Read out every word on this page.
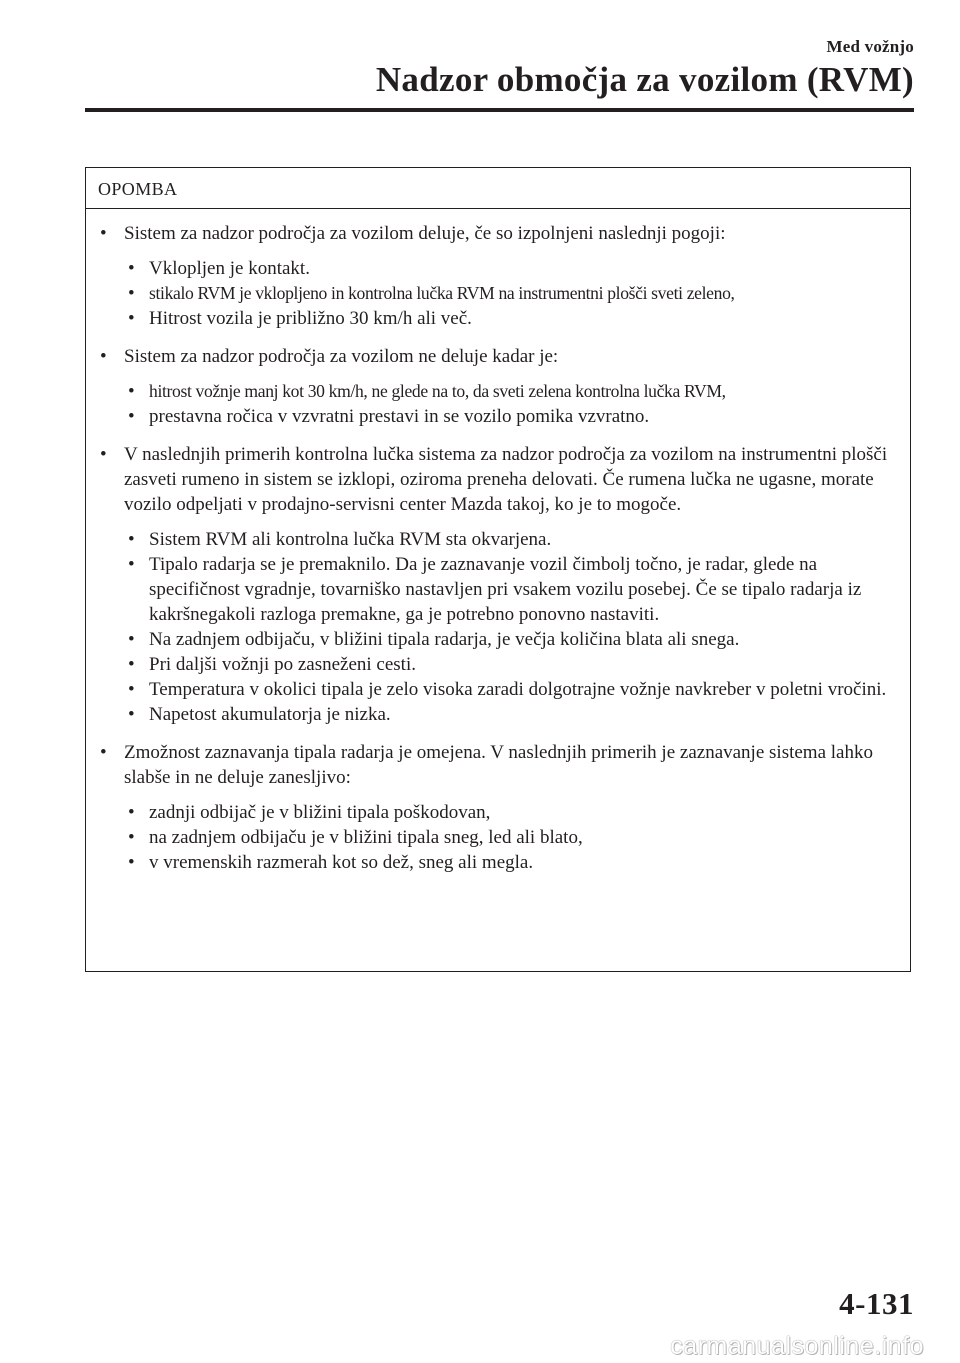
Med vožnjo
Nadzor območja za vozilom (RVM)
OPOMBA
• Sistem za nadzor področja za vozilom deluje, če so izpolnjeni naslednji pogoji:
• Vklopljen je kontakt.
• stikalo RVM je vklopljeno in kontrolna lučka RVM na instrumentni plošči sveti zeleno,
• Hitrost vozila je približno 30 km/h ali več.
• Sistem za nadzor področja za vozilom ne deluje kadar je:
• hitrost vožnje manj kot 30 km/h, ne glede na to, da sveti zelena kontrolna lučka RVM,
• prestavna ročica v vzvratni prestavi in se vozilo pomika vzvratno.
• V naslednjih primerih kontrolna lučka sistema za nadzor področja za vozilom na instrumentni plošči zasveti rumeno in sistem se izklopi, oziroma preneha delovati. Če rumena lučka ne ugasne, morate vozilo odpeljati v prodajno-servisni center Mazda takoj, ko je to mogoče.
• Sistem RVM ali kontrolna lučka RVM sta okvarjena.
• Tipalo radarja se je premaknilo. Da je zaznavanje vozil čimbolj točno, je radar, glede na specifičnost vgradnje, tovarniško nastavljen pri vsakem vozilu posebej. Če se tipalo radarja iz kakršnegakoli razloga premakne, ga je potrebno ponovno nastaviti.
• Na zadnjem odbijaču, v bližini tipala radarja, je večja količina blata ali snega.
• Pri daljši vožnji po zasneženi cesti.
• Temperatura v okolici tipala je zelo visoka zaradi dolgotrajne vožnje navkreber v poletni vročini.
• Napetost akumulatorja je nizka.
• Zmožnost zaznavanja tipala radarja je omejena. V naslednjih primerih je zaznavanje sistema lahko slabše in ne deluje zanesljivo:
• zadnji odbijač je v bližini tipala poškodovan,
• na zadnjem odbijaču je v bližini tipala sneg, led ali blato,
• v vremenskih razmerah kot so dež, sneg ali megla.
4-131
carmanualsonline.info
